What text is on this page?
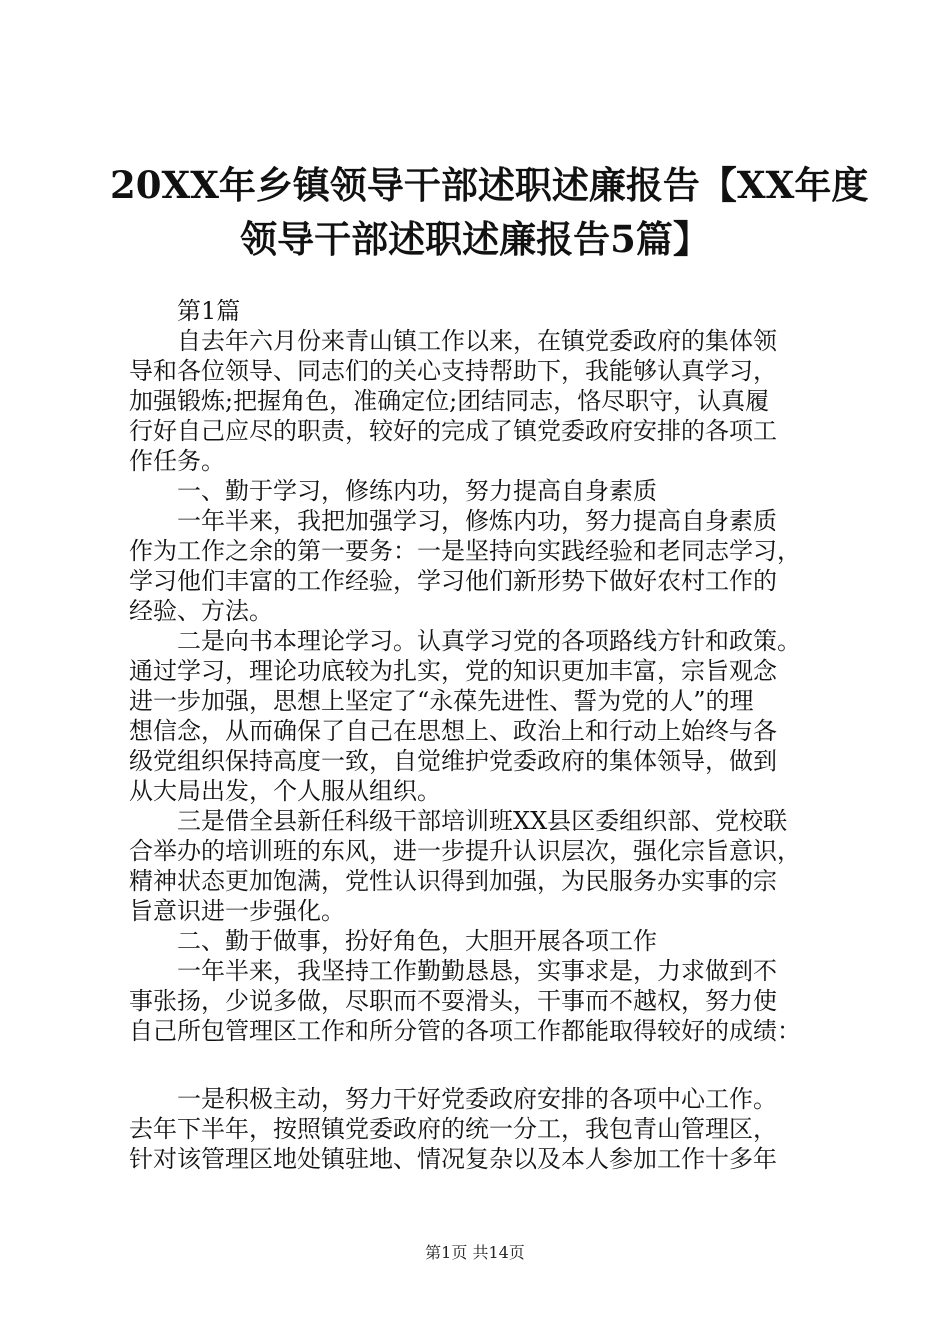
20XX年乡镇领导干部述职述廉报告【XX年度
领导干部述职述廉报告5篇】
　　第1篇
　　自去年六月份来青山镇工作以来，在镇党委政府的集体领
导和各位领导、同志们的关心支持帮助下，我能够认真学习，
加强锻炼;把握角色，准确定位;团结同志，恪尽职守，认真履
行好自己应尽的职责，较好的完成了镇党委政府安排的各项工
作任务。
　　一、勤于学习，修练内功，努力提高自身素质
　　一年半来，我把加强学习，修炼内功，努力提高自身素质
作为工作之余的第一要务：一是坚持向实践经验和老同志学习，
学习他们丰富的工作经验，学习他们新形势下做好农村工作的
经验、方法。
　　二是向书本理论学习。认真学习党的各项路线方针和政策。
通过学习，理论功底较为扎实，党的知识更加丰富，宗旨观念
进一步加强，思想上坚定了“永葆先进性、誓为党的人”的理
想信念，从而确保了自己在思想上、政治上和行动上始终与各
级党组织保持高度一致，自觉维护党委政府的集体领导，做到
从大局出发，个人服从组织。
　　三是借全县新任科级干部培训班XX县区委组织部、党校联
合举办的培训班的东风，进一步提升认识层次，强化宗旨意识，
精神状态更加饱满，党性认识得到加强，为民服务办实事的宗
旨意识进一步强化。
　　二、勤于做事，扮好角色，大胆开展各项工作
　　一年半来，我坚持工作勤勤恳恳，实事求是，力求做到不
事张扬，少说多做，尽职而不耍滑头，干事而不越权，努力使
自己所包管理区工作和所分管的各项工作都能取得较好的成绩：
　　一是积极主动，努力干好党委政府安排的各项中心工作。
去年下半年，按照镇党委政府的统一分工，我包青山管理区，
针对该管理区地处镇驻地、情况复杂以及本人参加工作十多年
第1页 共14页
